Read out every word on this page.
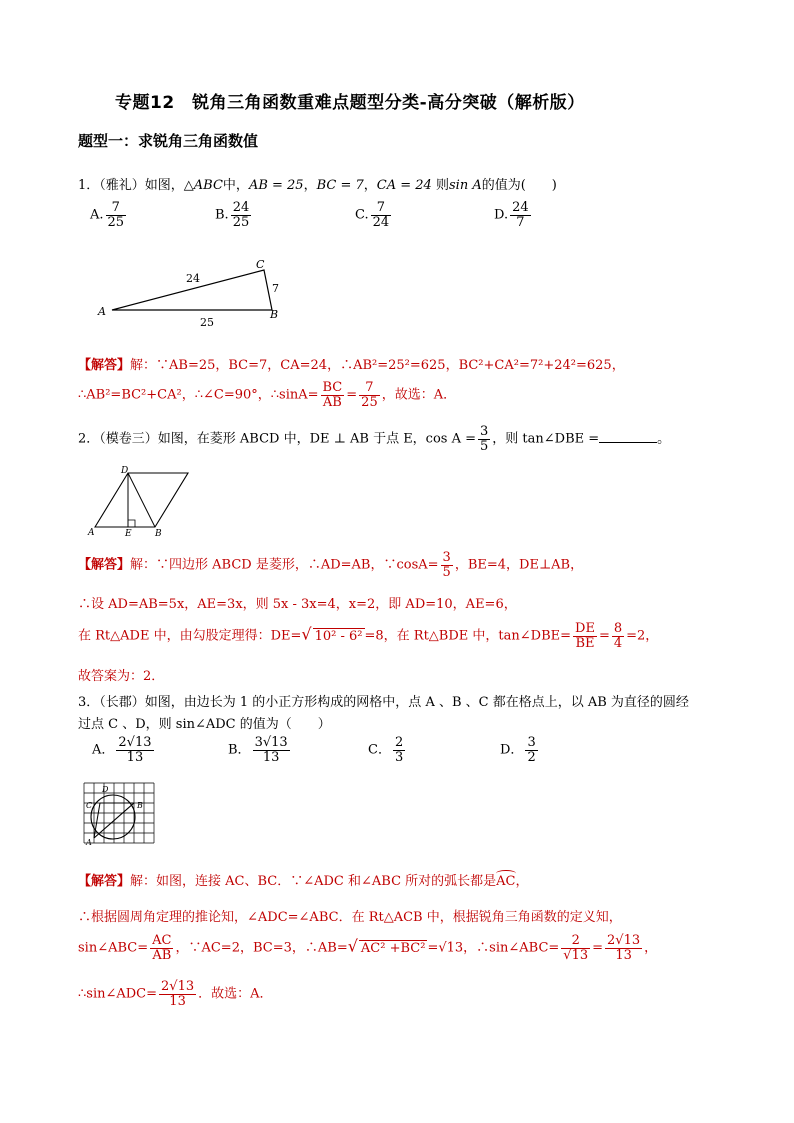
专题12　锐角三角函数重难点题型分类-高分突破（解析版）
题型一：求锐角三角函数值
1．（雅礼）如图，△ABC中，AB = 25，BC = 7，CA = 24 则sin A的值为(　　)
A. $\frac{7}{25}$	B. $\frac{24}{25}$	C. $\frac{7}{24}$	D. $\frac{24}{7}$
A	B
C
24
7
25
【解答】解：∵AB=25，BC=7，CA=24，∴AB²=25²=625，BC²+CA²=7²+24²=625，
∴AB²=BC²+CA²，∴∠C=90°，∴sinA= $\frac{BC}{AB} = \frac{7}{25}$ ，故选：A．
2．（模卷三）如图，在菱形 ABCD 中，DE ⊥ AB 于点 E，$\cos A = \frac{3}{5}$ ，则 tan∠DBE =	。
A	E	B
D
【解答】解：∵四边形 ABCD 是菱形，∴AD=AB，∵cosA= $\frac{3}{5}$ ，BE=4，DE⊥AB，
∴设 AD=AB=5x，AE=3x，则 5x - 3x=4，x=2，即 AD=10，AE=6，
在 Rt△ADE 中，由勾股定理得：DE=√ 10² - 6² =8，在 Rt△BDE 中，tan∠DBE= $\frac{DE}{BE} = \frac{8}{4} =2$，
故答案为：2．
3．（长郡）如图，由边长为 1 的小正方形构成的网格中，点 A 、B 、C 都在格点上，以 AB 为直径的圆经
过点 C 、D，则 sin∠ADC 的值为（　　）
A． $\frac{2√13}{13}$	B． $\frac{3√13}{13}$	C． $\frac{2}{3}$	D． $\frac{3}{2}$
C	B
A
D
【解答】解：如图，连接 AC、BC．∵∠ADC 和∠ABC 所对的弧长都是
AC，
∴根据圆周角定理的推论知，∠ADC=∠ABC．在 Rt△ACB 中，根据锐角三角函数的定义知，
sin∠ABC= $\frac{AC}{AB}$ ，∵AC=2，BC=3，∴AB=√ AC² +BC² =√13，∴sin∠ABC= $\frac{2}{√13} = \frac{2√13}{13}$ ，
∴sin∠ADC= $\frac{2√13}{13}$ ．故选：A．
